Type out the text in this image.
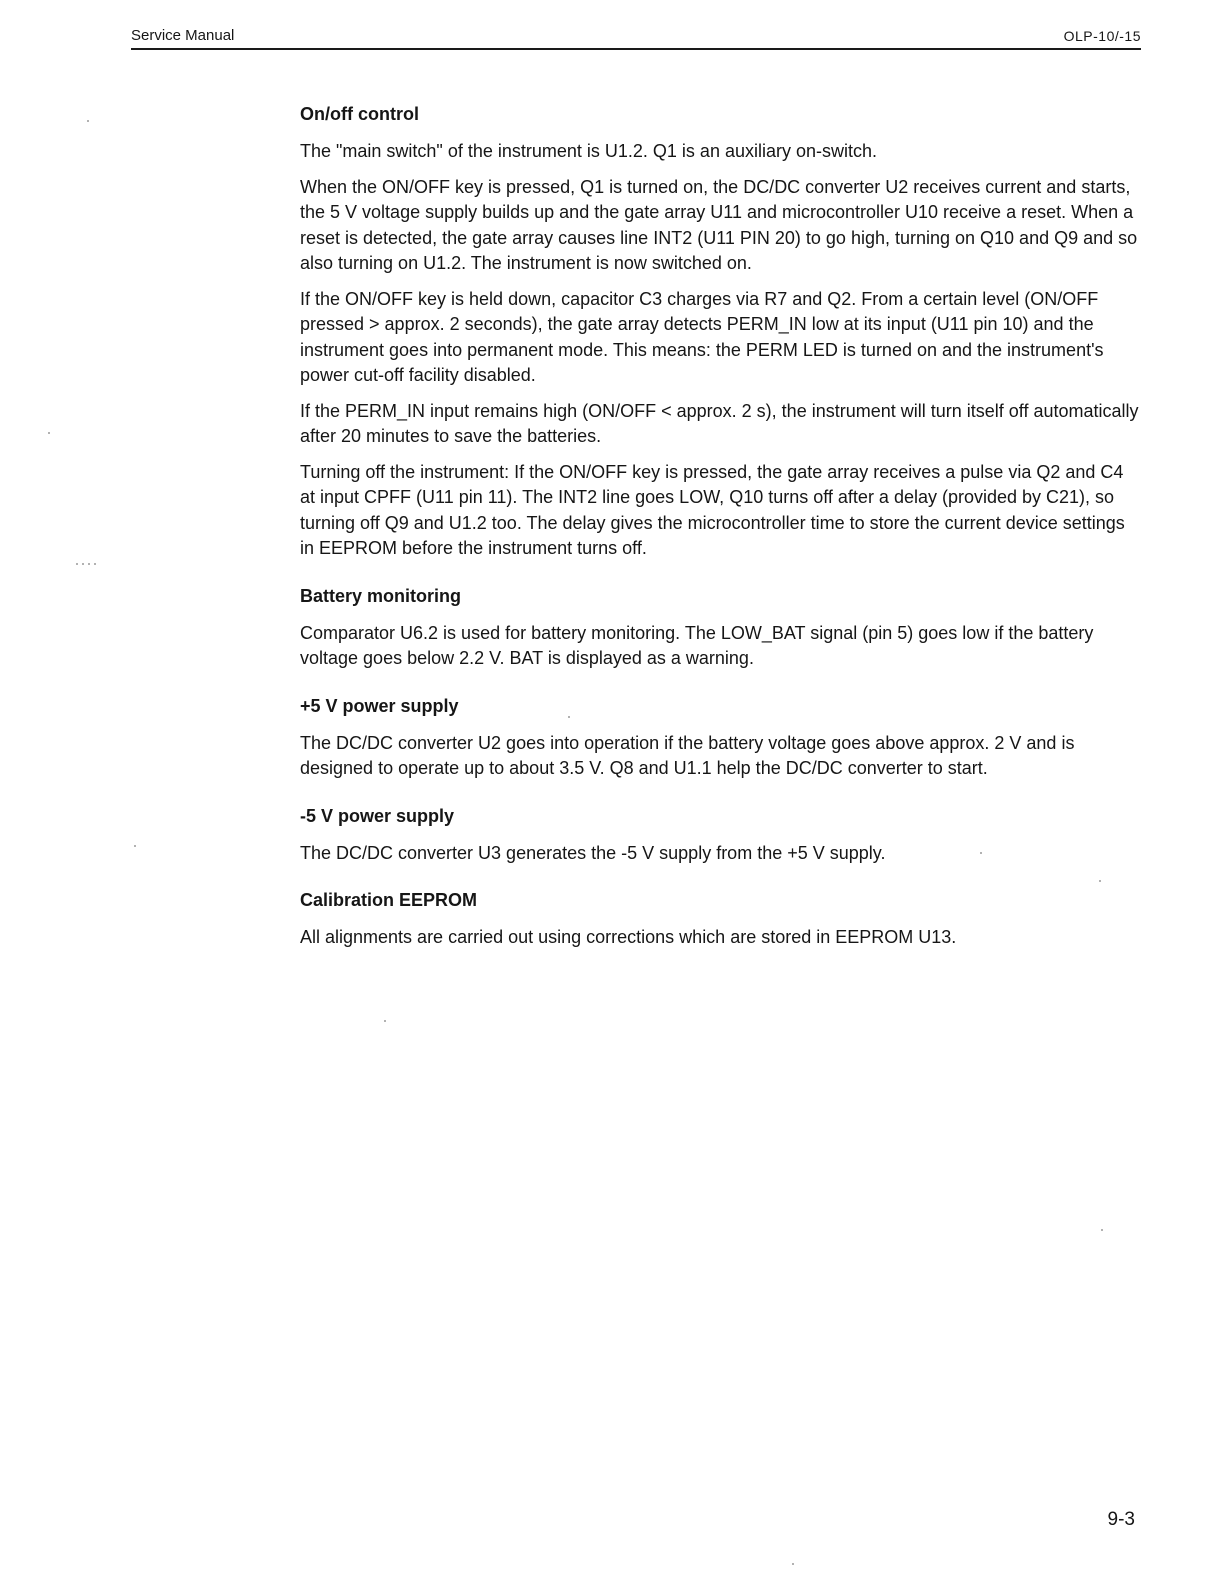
Service Manual	OLP-10/-15
On/off control

The "main switch" of the instrument is U1.2. Q1 is an auxiliary on-switch.

When the ON/OFF key is pressed, Q1 is turned on, the DC/DC converter U2 receives current and starts, the 5 V voltage supply builds up and the gate array U11 and microcontroller U10 receive a reset. When a reset is detected, the gate array causes line INT2 (U11 PIN 20) to go high, turning on Q10 and Q9 and so also turning on U1.2. The instrument is now switched on.

If the ON/OFF key is held down, capacitor C3 charges via R7 and Q2. From a certain level (ON/OFF pressed > approx. 2 seconds), the gate array detects PERM_IN low at its input (U11 pin 10) and the instrument goes into permanent mode. This means: the PERM LED is turned on and the instrument's power cut-off facility disabled.

If the PERM_IN input remains high (ON/OFF < approx. 2 s), the instrument will turn itself off automatically after 20 minutes to save the batteries.

Turning off the instrument: If the ON/OFF key is pressed, the gate array receives a pulse via Q2 and C4 at input CPFF (U11 pin 11). The INT2 line goes LOW, Q10 turns off after a delay (provided by C21), so turning off Q9 and U1.2 too. The delay gives the microcontroller time to store the current device settings in EEPROM before the instrument turns off.

Battery monitoring

Comparator U6.2 is used for battery monitoring. The LOW_BAT signal (pin 5) goes low if the battery voltage goes below 2.2 V. BAT is displayed as a warning.

+5 V power supply

The DC/DC converter U2 goes into operation if the battery voltage goes above approx. 2 V and is designed to operate up to about 3.5 V. Q8 and U1.1 help the DC/DC converter to start.

-5 V power supply

The DC/DC converter U3 generates the -5 V supply from the +5 V supply.

Calibration EEPROM

All alignments are carried out using corrections which are stored in EEPROM U13.

9-3
